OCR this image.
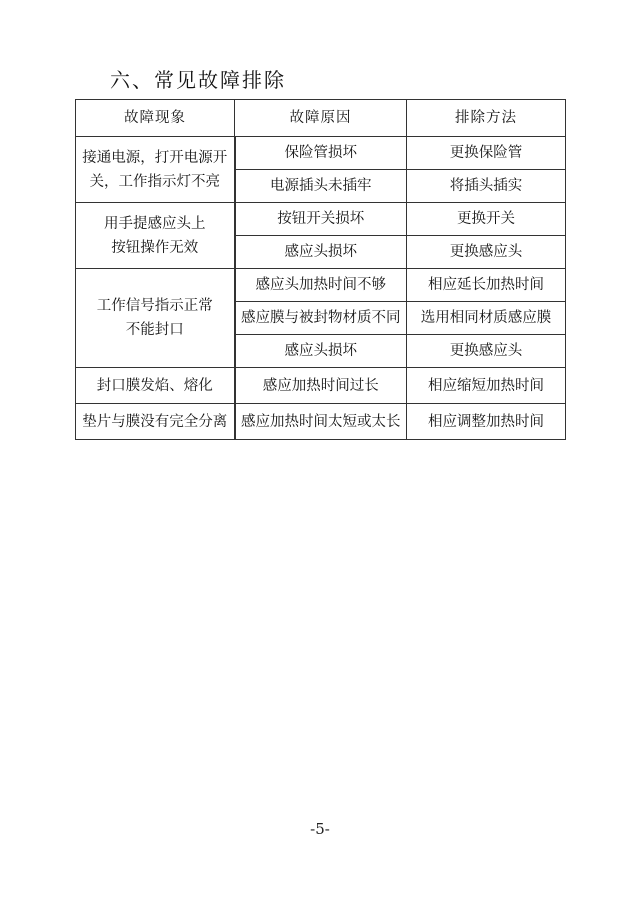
六、常见故障排除
故障现象	故障原因	排除方法
接通电源，打开电源开
关，工作指示灯不亮	保险管损坏	更换保险管
	电源插头未插牢	将插头插实
用手提感应头上
按钮操作无效	按钮开关损坏	更换开关
	感应头损坏	更换感应头
工作信号指示正常
不能封口	感应头加热时间不够	相应延长加热时间
	感应膜与被封物材质不同	选用相同材质感应膜
	感应头损坏	更换感应头
封口膜发焰、熔化	感应加热时间过长	相应缩短加热时间
垫片与膜没有完全分离	感应加热时间太短或太长	相应调整加热时间
-5-
